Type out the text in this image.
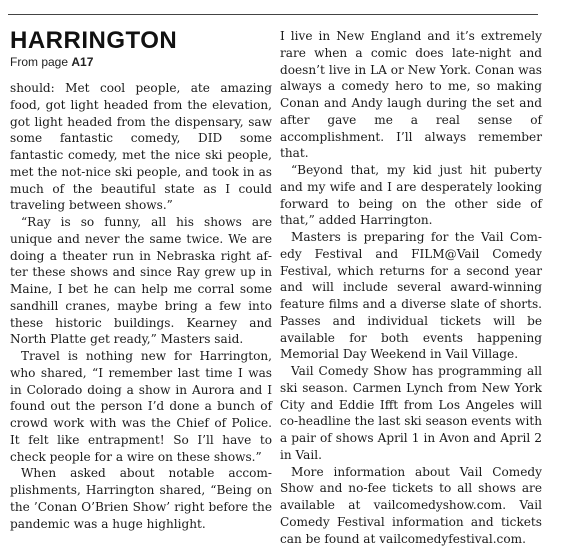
HARRINGTON
From page A17

should: Met cool people, ate amazing food, got light headed from the elevation, got light headed from the dispensary, saw some fantastic comedy, DID some fantastic comedy, met the nice ski people, met the not-nice ski people, and took in as much of the beautiful state as I could traveling between shows.”

“Ray is so funny, all his shows are unique and never the same twice. We are doing a theater run in Nebraska right after these shows and since Ray grew up in Maine, I bet he can help me corral some sandhill cranes, maybe bring a few into these historic buildings. Kearney and North Platte get ready,” Masters said.

Travel is nothing new for Harrington, who shared, “I remember last time I was in Colorado doing a show in Aurora and I found out the person I’d done a bunch of crowd work with was the Chief of Police. It felt like entrapment! So I’ll have to check people for a wire on these shows.”

When asked about notable accomplishments, Harrington shared, “Being on the ’Conan O’Brien Show’ right before the pandemic was a huge highlight.

I live in New England and it’s extremely rare when a comic does late-night and doesn’t live in LA or New York. Conan was always a comedy hero to me, so making Conan and Andy laugh during the set and after gave me a real sense of accomplishment. I’ll always remember that.

“Beyond that, my kid just hit puberty and my wife and I are desperately looking forward to being on the other side of that,” added Harrington.

Masters is preparing for the Vail Comedy Festival and FILM@Vail Comedy Festival, which returns for a second year and will include several award-winning feature films and a diverse slate of shorts. Passes and individual tickets will be available for both events happening Memorial Day Weekend in Vail Village.

Vail Comedy Show has programming all ski season. Carmen Lynch from New York City and Eddie Ifft from Los Angeles will co-headline the last ski season events with a pair of shows April 1 in Avon and April 2 in Vail.

More information about Vail Comedy Show and no-fee tickets to all shows are available at vailcomedyshow.com. Vail Comedy Festival information and tickets can be found at vailcomedyfestival.com.
